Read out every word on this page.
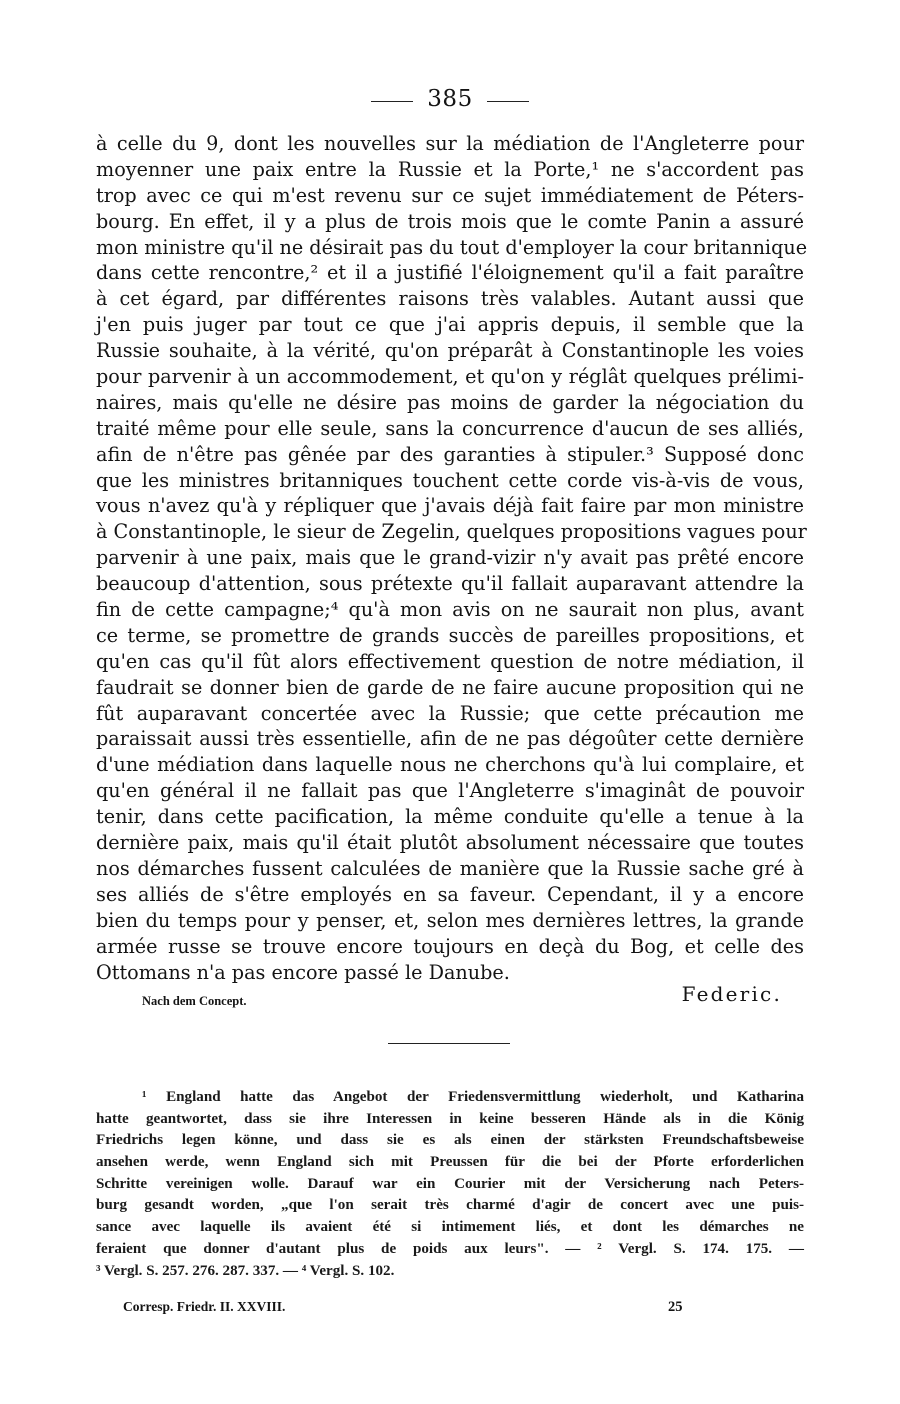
385
à celle du 9, dont les nouvelles sur la médiation de l'Angleterre pour
moyenner une paix entre la Russie et la Porte,¹ ne s'accordent pas
trop avec ce qui m'est revenu sur ce sujet immédiatement de Péters-
bourg. En effet, il y a plus de trois mois que le comte Panin a assuré
mon ministre qu'il ne désirait pas du tout d'employer la cour britannique
dans cette rencontre,² et il a justifié l'éloignement qu'il a fait paraître
à cet égard, par différentes raisons très valables. Autant aussi que
j'en puis juger par tout ce que j'ai appris depuis, il semble que la
Russie souhaite, à la vérité, qu'on préparât à Constantinople les voies
pour parvenir à un accommodement, et qu'on y réglât quelques prélimi-
naires, mais qu'elle ne désire pas moins de garder la négociation du
traité même pour elle seule, sans la concurrence d'aucun de ses alliés,
afin de n'être pas gênée par des garanties à stipuler.³ Supposé donc
que les ministres britanniques touchent cette corde vis-à-vis de vous,
vous n'avez qu'à y répliquer que j'avais déjà fait faire par mon ministre
à Constantinople, le sieur de Zegelin, quelques propositions vagues pour
parvenir à une paix, mais que le grand-vizir n'y avait pas prêté encore
beaucoup d'attention, sous prétexte qu'il fallait auparavant attendre la
fin de cette campagne;⁴ qu'à mon avis on ne saurait non plus, avant
ce terme, se promettre de grands succès de pareilles propositions, et
qu'en cas qu'il fût alors effectivement question de notre médiation, il
faudrait se donner bien de garde de ne faire aucune proposition qui ne
fût auparavant concertée avec la Russie; que cette précaution me
paraissait aussi très essentielle, afin de ne pas dégoûter cette dernière
d'une médiation dans laquelle nous ne cherchons qu'à lui complaire, et
qu'en général il ne fallait pas que l'Angleterre s'imaginât de pouvoir
tenir, dans cette pacification, la même conduite qu'elle a tenue à la
dernière paix, mais qu'il était plutôt absolument nécessaire que toutes
nos démarches fussent calculées de manière que la Russie sache gré à
ses alliés de s'être employés en sa faveur. Cependant, il y a encore
bien du temps pour y penser, et, selon mes dernières lettres, la grande
armée russe se trouve encore toujours en deçà du Bog, et celle des
Ottomans n'a pas encore passé le Danube.
Nach dem Concept.	Federic.
¹ England hatte das Angebot der Friedensvermittlung wiederholt, und Katharina
hatte geantwortet, dass sie ihre Interessen in keine besseren Hände als in die König
Friedrichs legen könne, und dass sie es als einen der stärksten Freundschaftsbeweise
ansehen werde, wenn England sich mit Preussen für die bei der Pforte erforderlichen
Schritte vereinigen wolle. Darauf war ein Courier mit der Versicherung nach Peters-
burg gesandt worden, „que l'on serait très charmé d'agir de concert avec une puis-
sance avec laquelle ils avaient été si intimement liés, et dont les démarches ne
feraient que donner d'autant plus de poids aux leurs". — ² Vergl. S. 174. 175. —
³ Vergl. S. 257. 276. 287. 337. — ⁴ Vergl. S. 102.
Corresp. Friedr. II. XXVIII.	25
